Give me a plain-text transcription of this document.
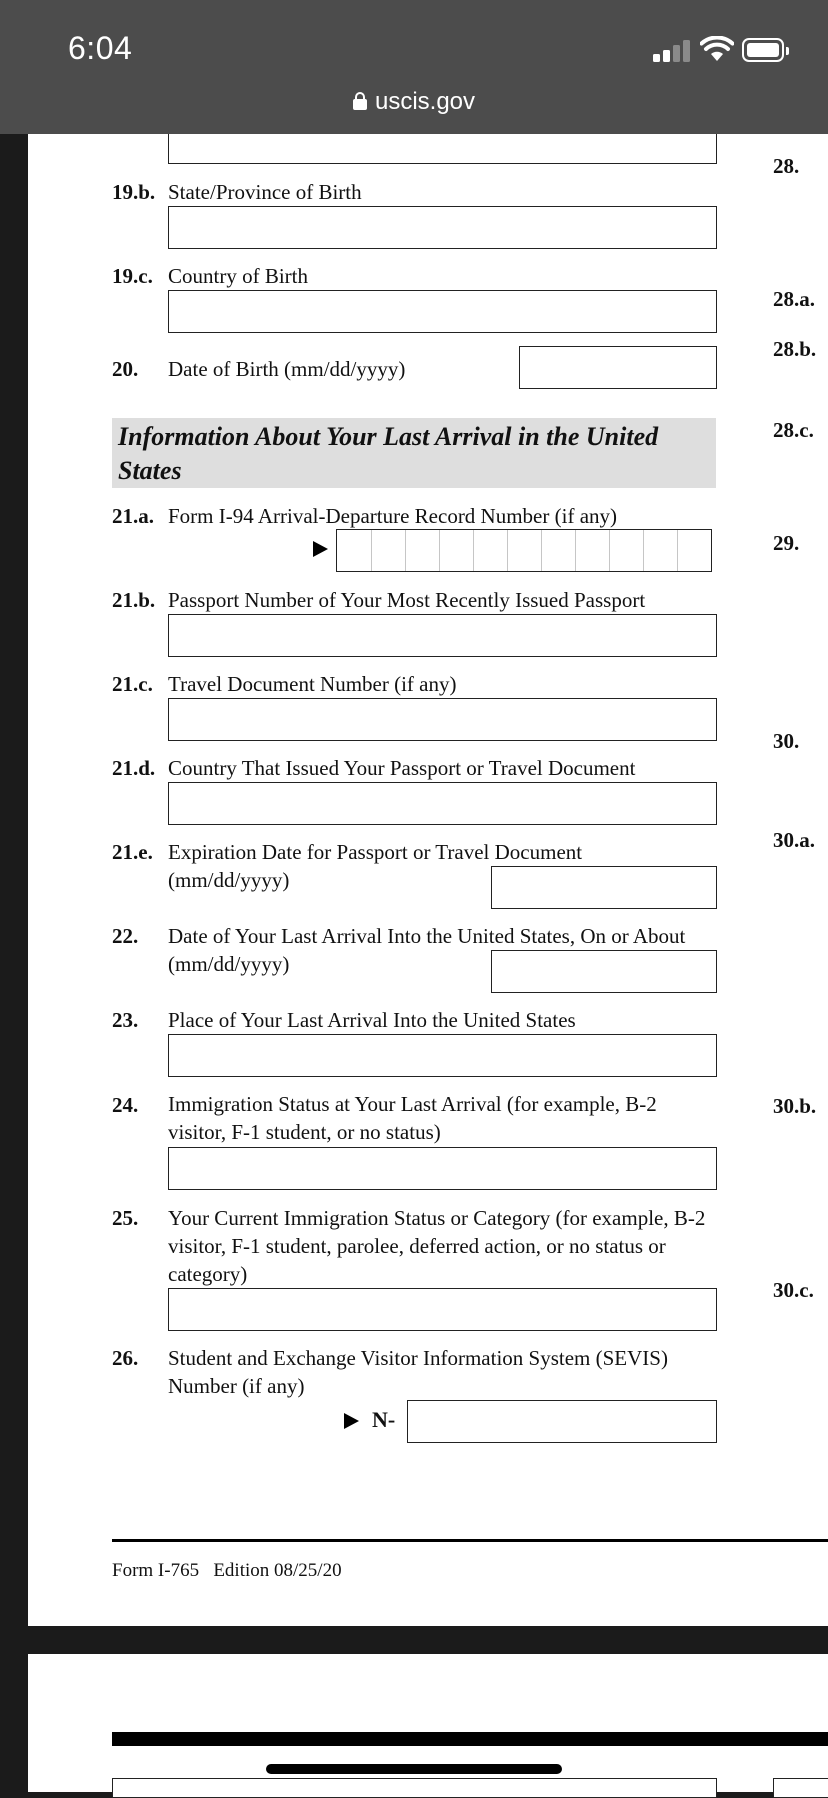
6:04
uscis.gov
19.b. State/Province of Birth
19.c. Country of Birth
20. Date of Birth (mm/dd/yyyy)
Information About Your Last Arrival in the United States
21.a. Form I-94 Arrival-Departure Record Number (if any)
21.b. Passport Number of Your Most Recently Issued Passport
21.c. Travel Document Number (if any)
21.d. Country That Issued Your Passport or Travel Document
21.e. Expiration Date for Passport or Travel Document (mm/dd/yyyy)
22. Date of Your Last Arrival Into the United States, On or About (mm/dd/yyyy)
23. Place of Your Last Arrival Into the United States
24. Immigration Status at Your Last Arrival (for example, B-2 visitor, F-1 student, or no status)
25. Your Current Immigration Status or Category (for example, B-2 visitor, F-1 student, parolee, deferred action, or no status or category)
26. Student and Exchange Visitor Information System (SEVIS) Number (if any)
N-
28.
28.a.
28.b.
28.c.
29.
30.
30.a.
30.b.
30.c.
Form I-765 Edition 08/25/20
